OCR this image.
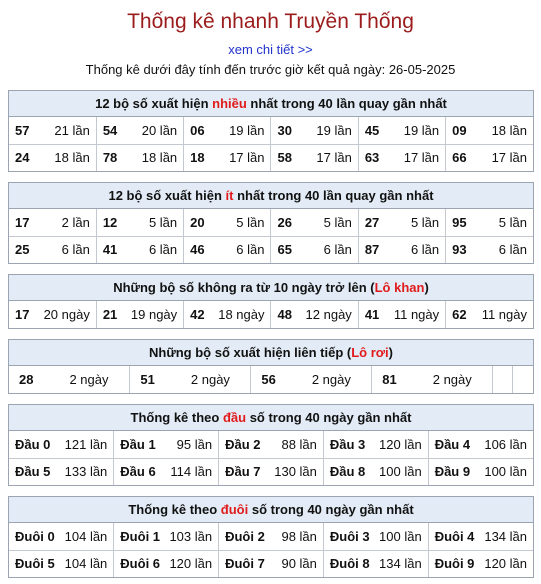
Thống kê nhanh Truyền Thống
xem chi tiết >>
Thống kê dưới đây tính đến trước giờ kết quả ngày: 26-05-2025
12 bộ số xuất hiện nhiều nhất trong 40 lần quay gần nhất
57 21 lần	54 20 lần	06 19 lần	30 19 lần	45 19 lần	09 18 lần

24 18 lần	78 18 lần	18 17 lần	58 17 lần	63 17 lần	66 17 lần
12 bộ số xuất hiện ít nhất trong 40 lần quay gần nhất
17 2 lần	12 5 lần	20 5 lần	26 5 lần	27 5 lần	95 5 lần

25 6 lần	41 6 lần	46 6 lần	65 6 lần	87 6 lần	93 6 lần
Những bộ số không ra từ 10 ngày trở lên (Lô khan)
17 20 ngày	21 19 ngày	42 18 ngày	48 12 ngày	41 11 ngày	62 11 ngày
Những bộ số xuất hiện liên tiếp (Lô rơi)
28	2 ngày	51	2 ngày	56	2 ngày	81	2 ngày		
Thống kê theo đầu số trong 40 ngày gần nhất
Đầu 0 121 lần	Đầu 1 95 lần	Đầu 2 88 lần	Đầu 3 120 lần	Đầu 4 106 lần

Đầu 5 133 lần	Đầu 6 114 lần	Đầu 7 130 lần	Đầu 8 100 lần	Đầu 9 100 lần
Thống kê theo đuôi số trong 40 ngày gần nhất
Đuôi 0 104 lần	Đuôi 1 103 lần	Đuôi 2 98 lần	Đuôi 3 100 lần	Đuôi 4 134 lần

Đuôi 5 104 lần	Đuôi 6 120 lần	Đuôi 7 90 lần	Đuôi 8 134 lần	Đuôi 9 120 lần
